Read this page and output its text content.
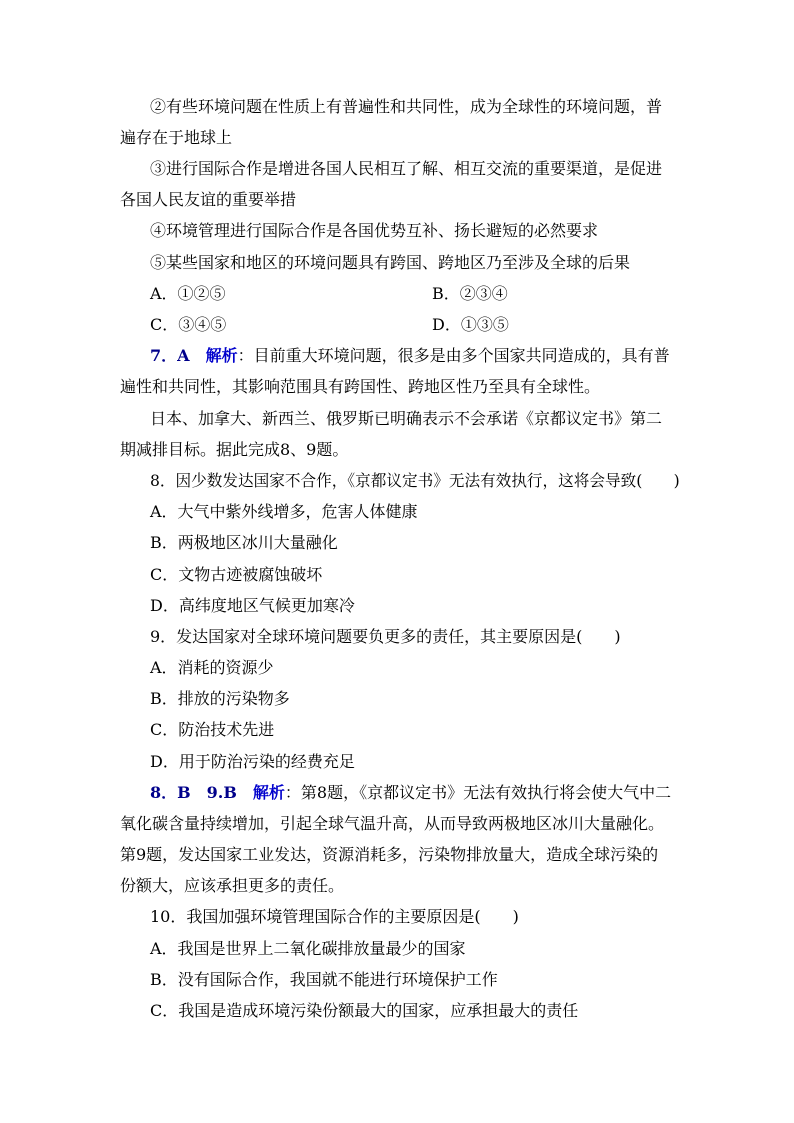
②有些环境问题在性质上有普遍性和共同性，成为全球性的环境问题，普
遍存在于地球上
③进行国际合作是增进各国人民相互了解、相互交流的重要渠道，是促进
各国人民友谊的重要举措
④环境管理进行国际合作是各国优势互补、扬长避短的必然要求
⑤某些国家和地区的环境问题具有跨国、跨地区乃至涉及全球的后果
A．①②⑤	B．②③④
C．③④⑤	D．①③⑤
7．A　 解析：目前重大环境问题，很多是由多个国家共同造成的，具有普
遍性和共同性，其影响范围具有跨国性、跨地区性乃至具有全球性。
日本、加拿大、新西兰、俄罗斯已明确表示不会承诺《京都议定书》第二
期减排目标。据此完成8、9题。
8．因少数发达国家不合作，《京都议定书》无法有效执行，这将会导致(　　)
A．大气中紫外线增多，危害人体健康
B．两极地区冰川大量融化
C．文物古迹被腐蚀破坏
D．高纬度地区气候更加寒冷
9．发达国家对全球环境问题要负更多的责任，其主要原因是(　　)
A．消耗的资源少
B．排放的污染物多
C．防治技术先进
D．用于防治污染的经费充足
8．B　9.B　 解析：第8题，《京都议定书》无法有效执行将会使大气中二
氧化碳含量持续增加，引起全球气温升高，从而导致两极地区冰川大量融化。
第9题，发达国家工业发达，资源消耗多，污染物排放量大，造成全球污染的
份额大，应该承担更多的责任。
10．我国加强环境管理国际合作的主要原因是(　　)
A．我国是世界上二氧化碳排放量最少的国家
B．没有国际合作，我国就不能进行环境保护工作
C．我国是造成环境污染份额最大的国家，应承担最大的责任
